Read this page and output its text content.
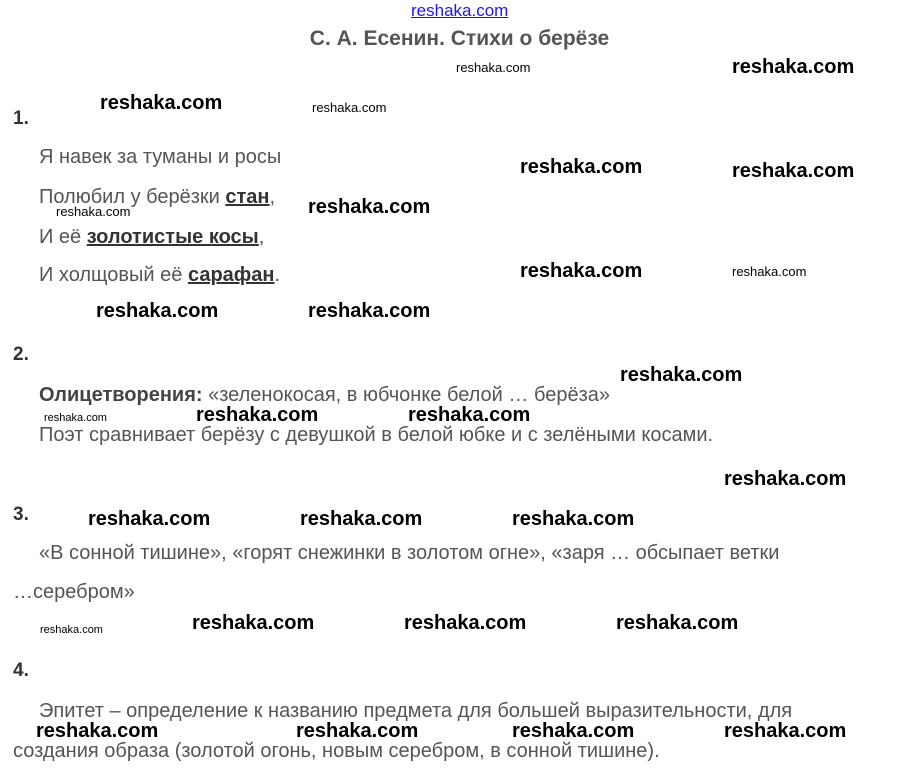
reshaka.com
С. А. Есенин. Стихи о берёзе
1.
Я навек за туманы и росы
Полюбил у берёзки стан,
И её золотистые косы,
И холщовый её сарафан.
2.
Олицетворения: «зеленокосая, в юбчонке белой … берёза»
Поэт сравнивает берёзу с девушкой в белой юбке и с зелёными косами.
3.
«В сонной тишине», «горят снежинки в золотом огне», «заря … обсыпает ветки
…серебром»
4.
Эпитет – определение к названию предмета для большей выразительности, для
создания образа (золотой огонь, новым серебром, в сонной тишине).
reshaka.com	reshaka.com
reshaka.com	reshaka.com
reshaka.com	reshaka.com
reshaka.com	reshaka.com
reshaka.com	reshaka.com
reshaka.com	reshaka.com
reshaka.com
reshaka.com	reshaka.com	reshaka.com
reshaka.com
reshaka.com	reshaka.com	reshaka.com
reshaka.com	reshaka.com	reshaka.com	reshaka.com
reshaka.com	reshaka.com	reshaka.com	reshaka.com
